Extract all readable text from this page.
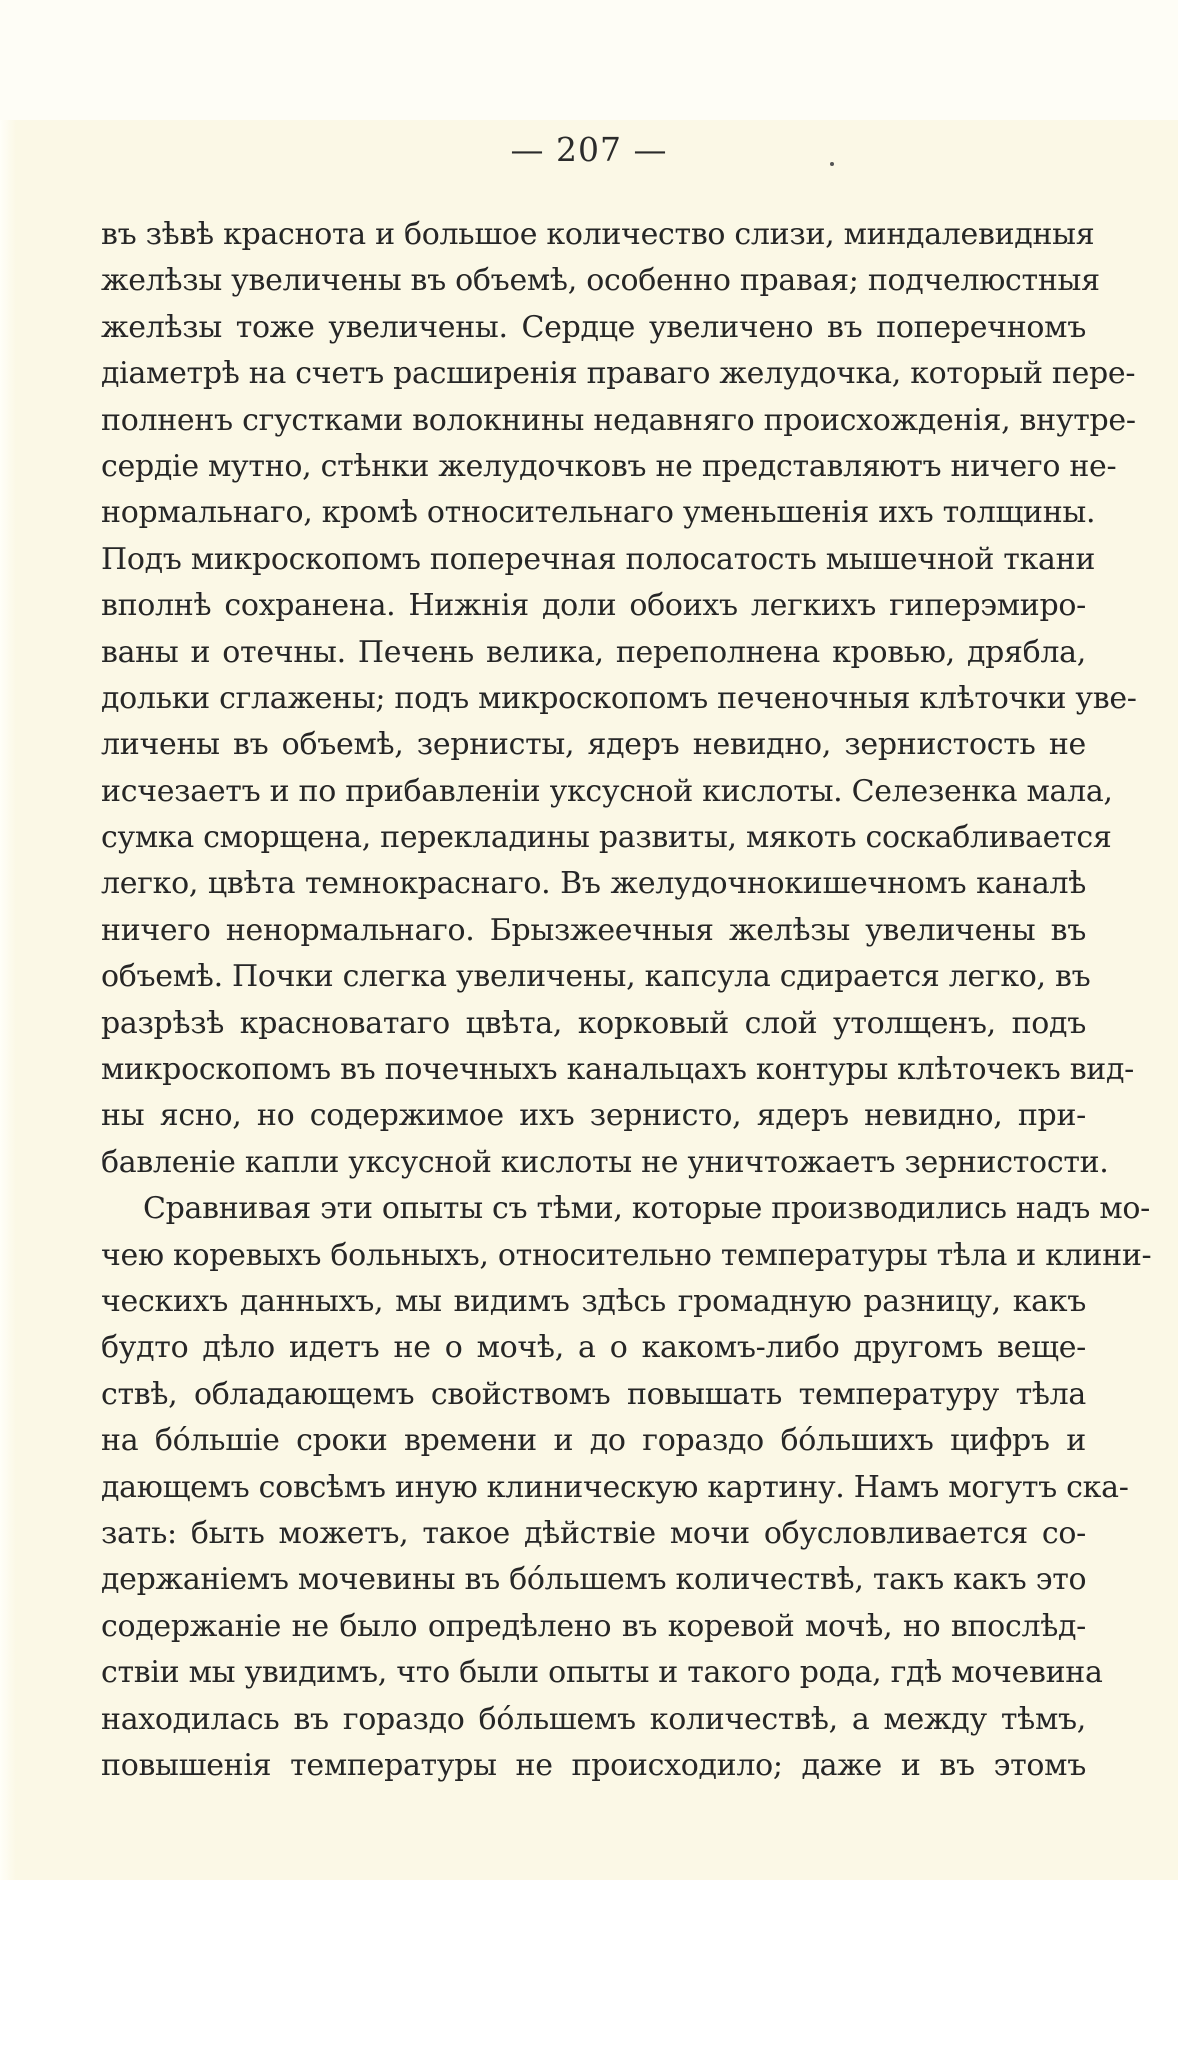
— 207 —
въ зѣвѣ краснота и большое количество слизи, миндалевидныя
желѣзы увеличены въ объемѣ, особенно правая; подчелюстныя
желѣзы тоже увеличены. Сердце увеличено въ поперечномъ
діаметрѣ на счетъ расширенія праваго желудочка, который пере-
полненъ сгустками волокнины недавняго происхожденія, внутре-
сердіе мутно, стѣнки желудочковъ не представляютъ ничего не-
нормальнаго, кромѣ относительнаго уменьшенія ихъ толщины.
Подъ микроскопомъ поперечная полосатость мышечной ткани
вполнѣ сохранена. Нижнія доли обоихъ легкихъ гиперэмиро-
ваны и отечны. Печень велика, переполнена кровью, дрябла,
дольки сглажены; подъ микроскопомъ печеночныя клѣточки уве-
личены въ объемѣ, зернисты, ядеръ невидно, зернистость не
исчезаетъ и по прибавленіи уксусной кислоты. Селезенка мала,
сумка сморщена, перекладины развиты, мякоть соскабливается
легко, цвѣта темнокраснаго. Въ желудочнокишечномъ каналѣ
ничего ненормальнаго. Брызжеечныя желѣзы увеличены въ
объемѣ. Почки слегка увеличены, капсула сдирается легко, въ
разрѣзѣ красноватаго цвѣта, корковый слой утолщенъ, подъ
микроскопомъ въ почечныхъ канальцахъ контуры клѣточекъ вид-
ны ясно, но содержимое ихъ зернисто, ядеръ невидно, при-
бавленіе капли уксусной кислоты не уничтожаетъ зернистости.
Сравнивая эти опыты съ тѣми, которые производились надъ мо-
чею коревыхъ больныхъ, относительно температуры тѣла и клини-
ческихъ данныхъ, мы видимъ здѣсь громадную разницу, какъ
будто дѣло идетъ не о мочѣ, а о какомъ-либо другомъ веще-
ствѣ, обладающемъ свойствомъ повышать температуру тѣла
на бóльшіе сроки времени и до гораздо бóльшихъ цифръ и
дающемъ совсѣмъ иную клиническую картину. Намъ могутъ ска-
зать: быть можетъ, такое дѣйствіе мочи обусловливается со-
держаніемъ мочевины въ бóльшемъ количествѣ, такъ какъ это
содержаніе не было опредѣлено въ коревой мочѣ, но впослѣд-
ствіи мы увидимъ, что были опыты и такого рода, гдѣ мочевина
находилась въ гораздо бóльшемъ количествѣ, а между тѣмъ,
повышенія температуры не происходило; даже и въ этомъ
